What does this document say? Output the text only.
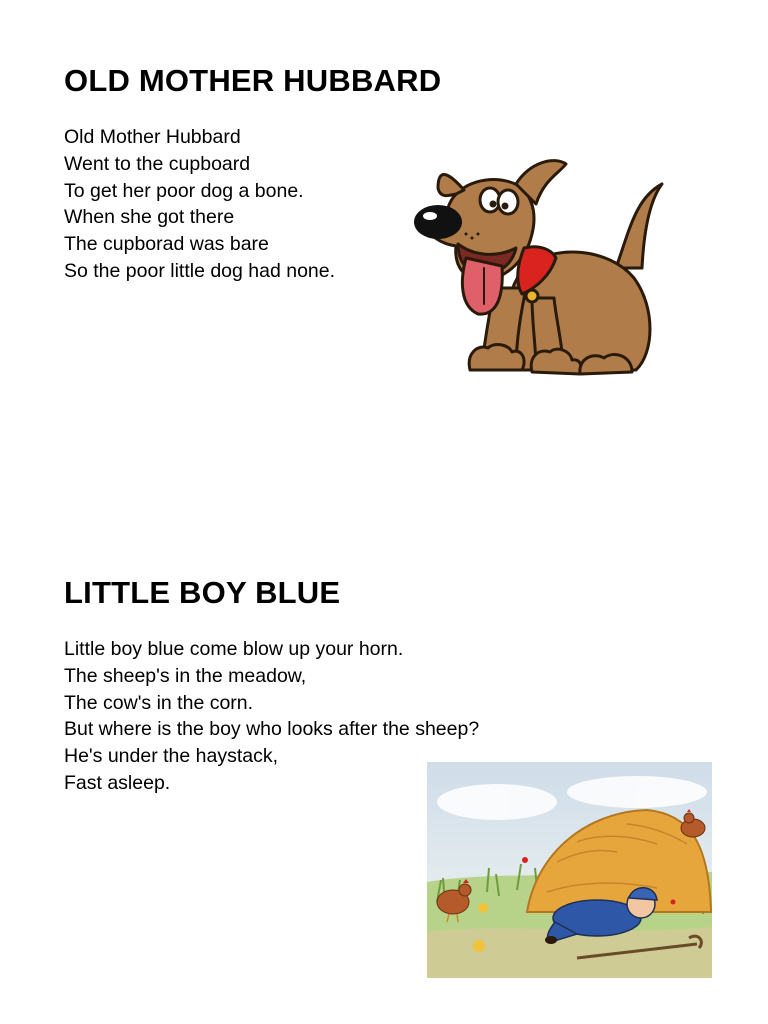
OLD MOTHER HUBBARD
Old Mother Hubbard
Went to the cupboard
To get her poor dog a bone.
When she got there
The cupborad was bare
So the poor little dog had none.
LITTLE BOY BLUE
Little boy blue come blow up your horn.
The sheep's in the meadow,
The cow's in the corn.
But where is the boy who looks after the sheep?
He's under the haystack,
Fast asleep.
